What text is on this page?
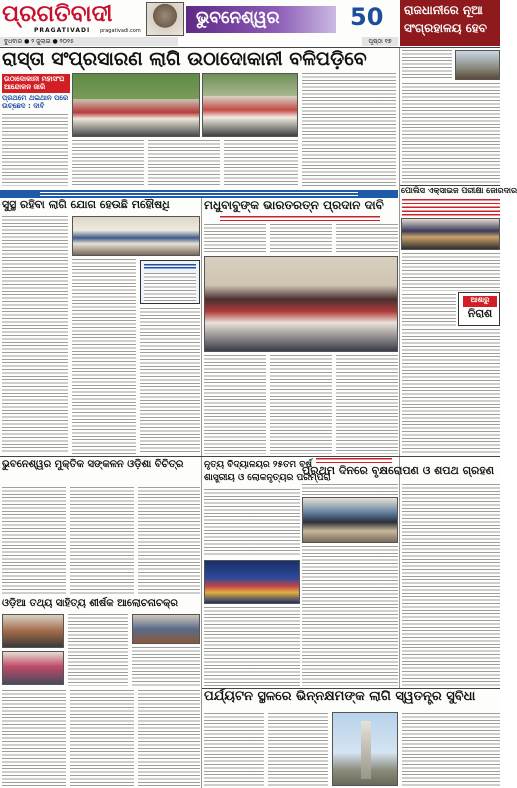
ପ୍ରଗତିବାଦୀ
PRAGATIVADI	pragativadi.com
ବୁଧବାର ● ୨ ଜୁଲାଇ ● ୨୦୨୫
ଭୁବନେଶ୍ୱର	50
ପୃଷ୍ଠା ୧୭
ରାଜଧାନୀରେ ନୂଆ
ସଂଗ୍ରହାଳୟ ହେବ
ରାସ୍ତା ସଂପ୍ରସାରଣ ଲାଗି ଉଠାଦୋକାନୀ ବଳିପଡ଼ିବେ
ଉଠାଦୋକାନୀ ମହାସଂଘ ଆନ୍ଦୋଳନ ଜାରି
ପ୍ରଥମେ ଥଇଥାନ ପରେ ଉଚ୍ଛେଦ : ଦାବି
ପୋଲିସ ଏକ୍ସାଇଜ ପରୀକ୍ଷା ଜୋରଦାର
ଆଶାରୁ
ନିରାଶ
ସୁସ୍ଥ ରହିବା ଲାଗି ଯୋଗ ହେଉଛି ମହୌଷଧି	ମଧୁବାବୁଙ୍କ ଭାରତରତ୍ନ ପ୍ରଦାନ ଦାବି
ଭୁବନେଶ୍ୱର ମୁକ୍ତିକ ସଙ୍କଳନ ଓଡ଼ିଶା ବିଚିତ୍ର
ଓଡ଼ିଆ ତଥ୍ୟ ସାହିତ୍ୟ ଶୀର୍ଷକ ଆଲୋଚନାଚକ୍ର
ନୃତ୍ୟ ବିଦ୍ୟାଳୟର ୨୫ତମ ବର୍ଷ
ଶାସ୍ତ୍ରୀୟ ଓ ଲୋକନୃତ୍ୟର ପରମ୍ପରା
ପ୍ରଥମ ଦିନରେ ବୃକ୍ଷରୋପଣ ଓ ଶପଥ ଗ୍ରହଣ
ପର୍ଯ୍ୟଟନ ସ୍ଥଳରେ ଭିନ୍ନକ୍ଷମଙ୍କ ଲାଗି ସ୍ୱତନ୍ତ୍ର ସୁବିଧା
